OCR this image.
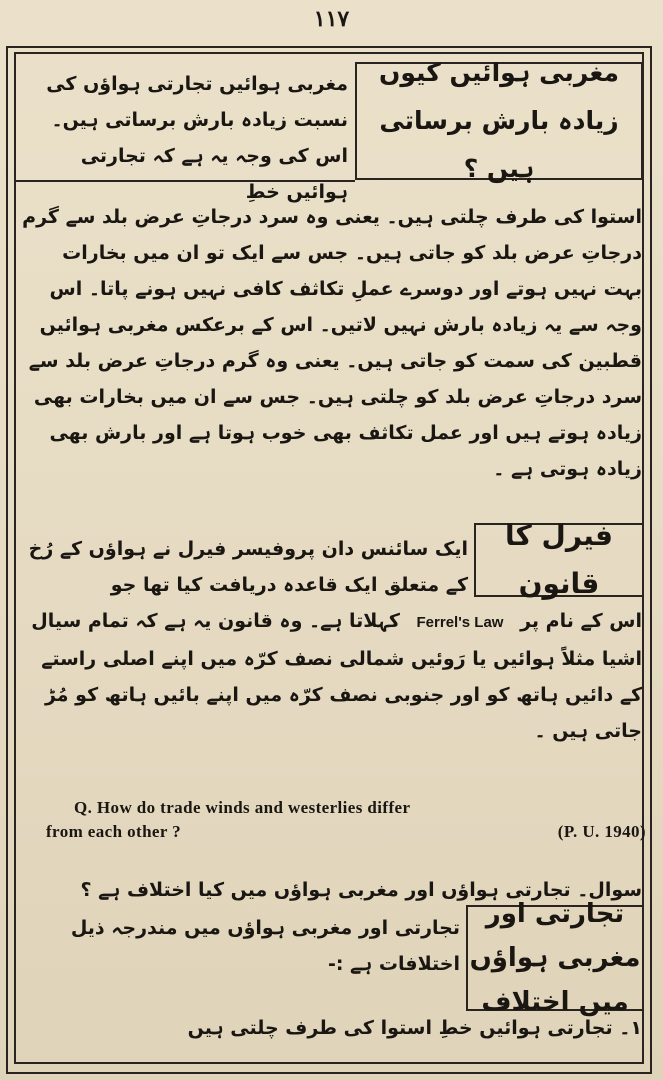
۱۱۷
مغربی ہوائیں کیوں زیادہ بارش برساتی ہیں ؟
مغربی ہوائیں تجارتی ہواؤں کی نسبت زیادہ بارش برساتی ہیں۔ اس کی وجہ یہ ہے کہ تجارتی ہوائیں خطِ
استوا کی طرف چلتی ہیں۔ یعنی وہ سرد درجاتِ عرض بلد سے گرم درجاتِ عرض بلد کو جاتی ہیں۔ جس سے ایک تو ان میں بخارات بہت نہیں ہوتے اور دوسرے عملِ تکاثف کافی نہیں ہونے پاتا۔ اس وجہ سے یہ زیادہ بارش نہیں لاتیں۔ اس کے برعکس مغربی ہوائیں قطبین کی سمت کو جاتی ہیں۔ یعنی وہ گرم درجاتِ عرض بلد سے سرد درجاتِ عرض بلد کو چلتی ہیں۔ جس سے ان میں بخارات بھی زیادہ ہوتے ہیں اور عمل تکاثف بھی خوب ہوتا ہے اور بارش بھی زیادہ ہوتی ہے ۔
فیرل کا قانون
ایک سائنس دان پروفیسر فیرل نے ہواؤں کے رُخ کے متعلق ایک قاعدہ دریافت کیا تھا جو
اس کے نام پر Ferrel's Law کہلاتا ہے۔ وہ قانون یہ ہے کہ تمام سیال اشیا مثلاً ہوائیں یا رَوئیں شمالی نصف کرّہ میں اپنے اصلی راستے کے دائیں ہاتھ کو اور جنوبی نصف کرّہ میں اپنے بائیں ہاتھ کو مُڑ جاتی ہیں ۔
Q. How do trade winds and westerlies differ
from each other ?	(P. U. 1940)
سوال۔ تجارتی ہواؤں اور مغربی ہواؤں میں کیا اختلاف ہے ؟
تجارتی اور مغربی ہواؤں میں اختلاف
تجارتی اور مغربی ہواؤں میں مندرجہ ذیل اختلافات ہے :-
۱۔ تجارتی ہوائیں خطِ استوا کی طرف چلتی ہیں
